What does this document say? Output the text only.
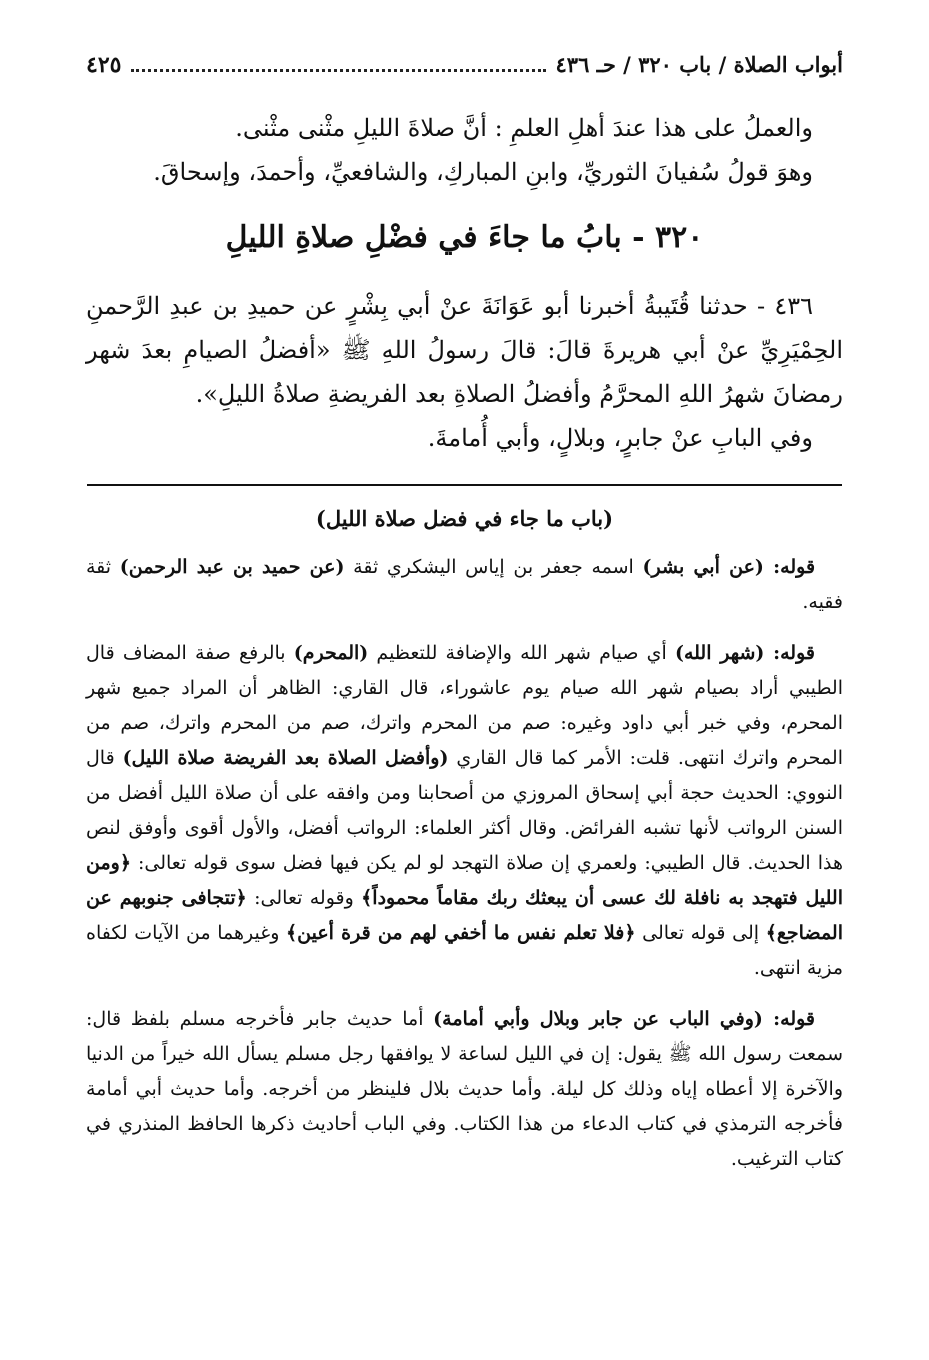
أبواب الصلاة / باب ٣٢٠ / حـ ٤٣٦
٤٢٥

والعملُ على هذا عندَ أهلِ العلمِ : أنَّ صلاةَ الليلِ مثْنى مثْنى.

وهوَ قولُ سُفيانَ الثوريِّ، وابنِ المباركِ، والشافعيِّ، وأحمدَ، وإسحاقَ.

٣٢٠ - بابُ ما جاءَ في فضْلِ صلاةِ الليلِ

٤٣٦ - حدثنا قُتَيبةُ أخبرنا أبو عَوَانَةَ عنْ أبي بِشْرٍ عن حميدِ بن عبدِ الرَّحمنِ الحِمْيَرِيِّ عنْ أبي هريرةَ قالَ: قالَ رسولُ اللهِ ﷺ «أفضلُ الصيامِ بعدَ شهر رمضانَ شهرُ اللهِ المحرَّمُ وأفضلُ الصلاةِ بعد الفريضةِ صلاةُ الليلِ».

وفي البابِ عنْ جابرٍ، وبلالٍ، وأبي أُمامةَ.

(باب ما جاء في فضل صلاة الليل)

قوله: (عن أبي بشر) اسمه جعفر بن إياس اليشكري ثقة (عن حميد بن عبد الرحمن) ثقة فقيه.

قوله: (شهر الله) أي صيام شهر الله والإضافة للتعظيم (المحرم) بالرفع صفة المضاف قال الطيبي أراد بصيام شهر الله صيام يوم عاشوراء، قال القاري: الظاهر أن المراد جميع شهر المحرم، وفي خبر أبي داود وغيره: صم من المحرم واترك، صم من المحرم واترك، صم من المحرم واترك انتهى. قلت: الأمر كما قال القاري (وأفضل الصلاة بعد الفريضة صلاة الليل) قال النووي: الحديث حجة أبي إسحاق المروزي من أصحابنا ومن وافقه على أن صلاة الليل أفضل من السنن الرواتب لأنها تشبه الفرائض. وقال أكثر العلماء: الرواتب أفضل، والأول أقوى وأوفق لنص هذا الحديث. قال الطيبي: ولعمري إن صلاة التهجد لو لم يكن فيها فضل سوى قوله تعالى: ﴿ومن الليل فتهجد به نافلة لك عسى أن يبعثك ربك مقاماً محموداً﴾ وقوله تعالى: ﴿تتجافى جنوبهم عن المضاجع﴾ إلى قوله تعالى ﴿فلا تعلم نفس ما أخفي لهم من قرة أعين﴾ وغيرهما من الآيات لكفاه مزية انتهى.

قوله: (وفي الباب عن جابر وبلال وأبي أمامة) أما حديث جابر فأخرجه مسلم بلفظ قال: سمعت رسول الله ﷺ يقول: إن في الليل لساعة لا يوافقها رجل مسلم يسأل الله خيراً من الدنيا والآخرة إلا أعطاه إياه وذلك كل ليلة. وأما حديث بلال فلينظر من أخرجه. وأما حديث أبي أمامة فأخرجه الترمذي في كتاب الدعاء من هذا الكتاب. وفي الباب أحاديث ذكرها الحافظ المنذري في كتاب الترغيب.
